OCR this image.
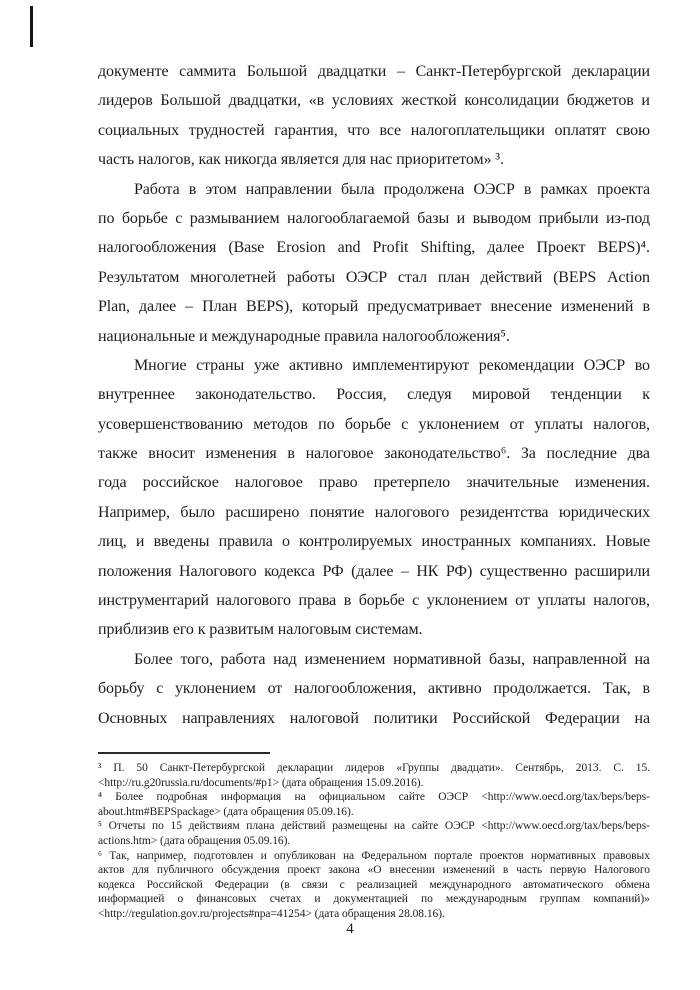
документе саммита Большой двадцатки – Санкт-Петербургской декларации
лидеров Большой двадцатки, «в условиях жесткой консолидации бюджетов и
социальных трудностей гарантия, что все налогоплательщики оплатят свою
часть налогов, как никогда является для нас приоритетом» ³.
Работа в этом направлении была продолжена ОЭСР в рамках проекта
по борьбе с размыванием налогооблагаемой базы и выводом прибыли из-под
налогообложения (Base Erosion and Profit Shifting, далее Проект BEPS)⁴.
Результатом многолетней работы ОЭСР стал план действий (BEPS Action
Plan, далее – План BEPS), который предусматривает внесение изменений в
национальные и международные правила налогообложения⁵.
Многие страны уже активно имплементируют рекомендации ОЭСР во
внутреннее законодательство. Россия, следуя мировой тенденции к
усовершенствованию методов по борьбе с уклонением от уплаты налогов,
также вносит изменения в налоговое законодательство⁶. За последние два
года российское налоговое право претерпело значительные изменения.
Например, было расширено понятие налогового резидентства юридических
лиц, и введены правила о контролируемых иностранных компаниях. Новые
положения Налогового кодекса РФ (далее – НК РФ) существенно расширили
инструментарий налогового права в борьбе с уклонением от уплаты налогов,
приблизив его к развитым налоговым системам.
Более того, работа над изменением нормативной базы, направленной на
борьбу с уклонением от налогообложения, активно продолжается. Так, в
Основных направлениях налоговой политики Российской Федерации на
³ П. 50 Санкт-Петербургской декларации лидеров «Группы двадцати». Сентябрь, 2013. С. 15.
<http://ru.g20russia.ru/documents/#p1> (дата обращения 15.09.2016).
⁴ Более подробная информация на официальном сайте ОЭСР <http://www.oecd.org/tax/beps/beps-
about.htm#BEPSpackage> (дата обращения 05.09.16).
⁵ Отчеты по 15 действиям плана действий размещены на сайте ОЭСР <http://www.oecd.org/tax/beps/beps-
actions.htm> (дата обращения 05.09.16).
⁶ Так, например, подготовлен и опубликован на Федеральном портале проектов нормативных правовых
актов для публичного обсуждения проект закона «О внесении изменений в часть первую Налогового
кодекса Российской Федерации (в связи с реализацией международного автоматического обмена
информацией о финансовых счетах и документацией по международным группам компаний)»
<http://regulation.gov.ru/projects#npa=41254> (дата обращения 28.08.16).
4
